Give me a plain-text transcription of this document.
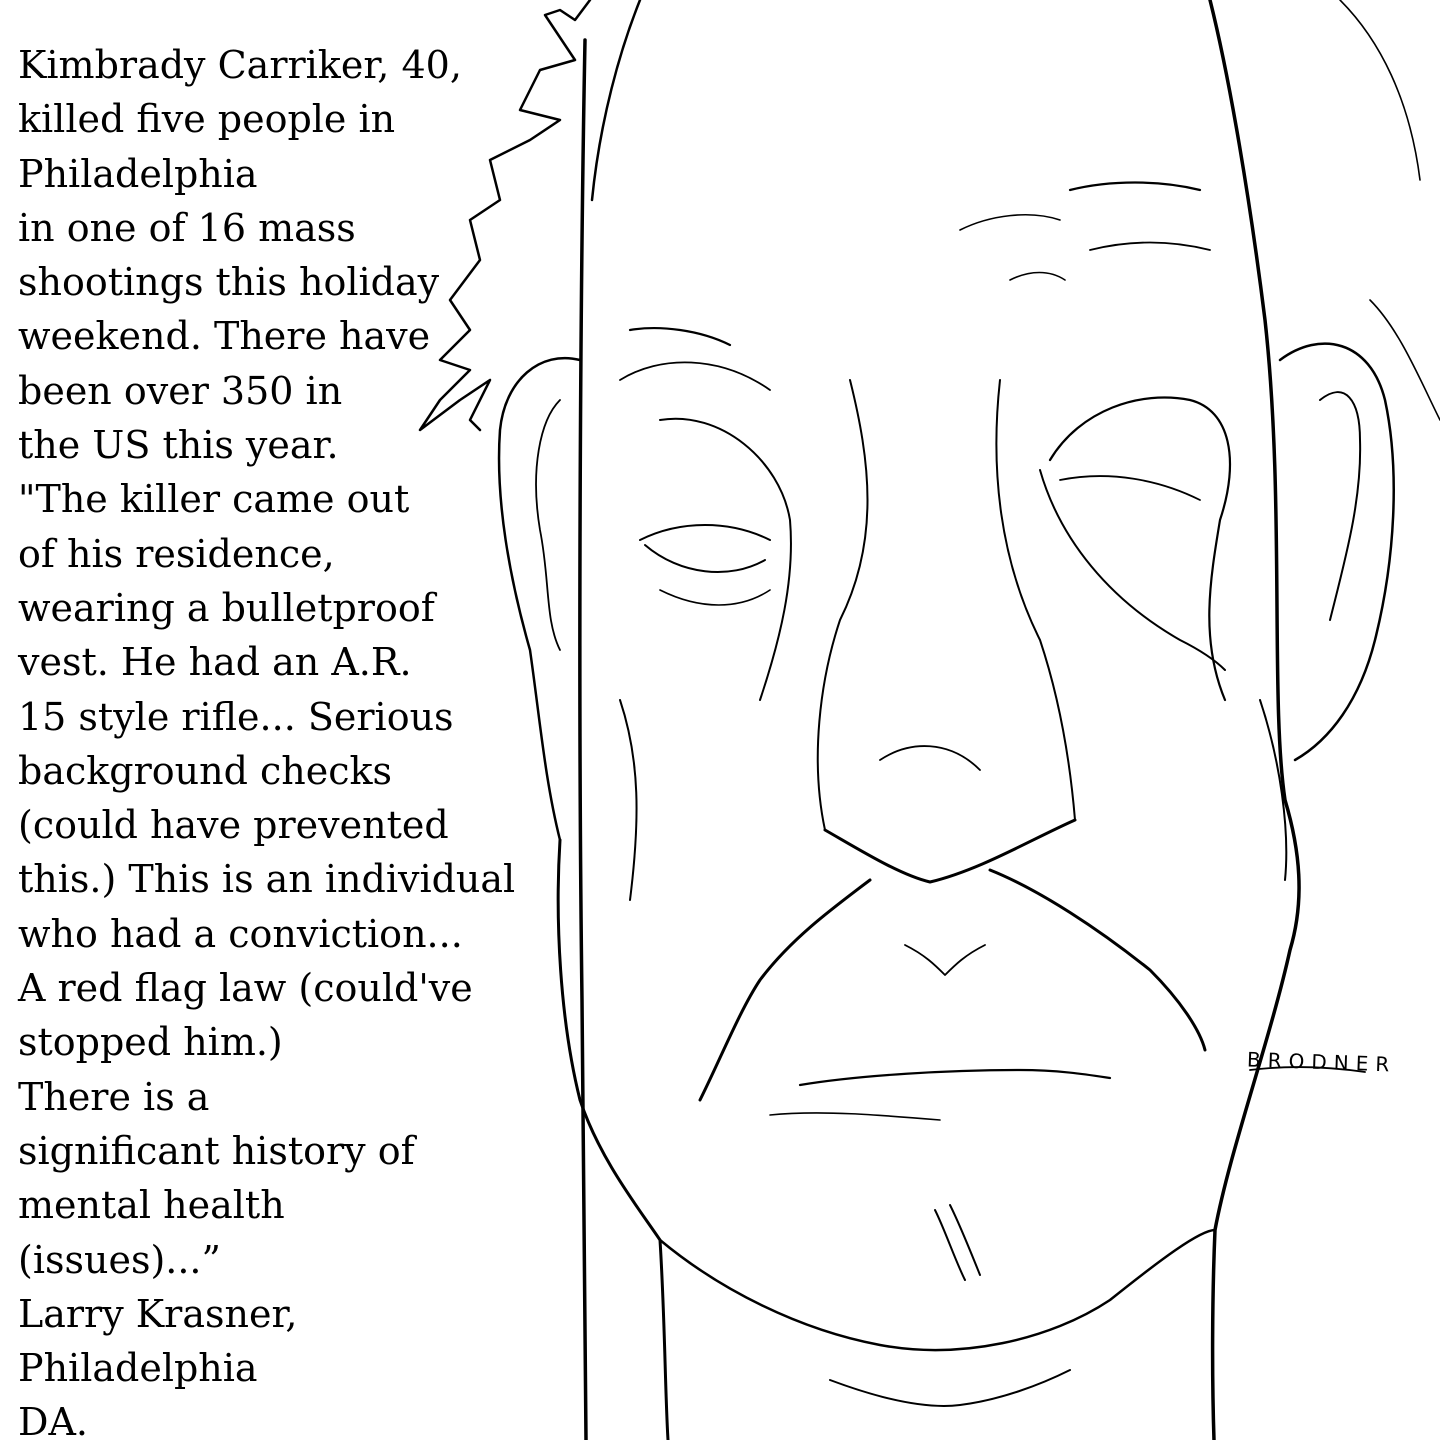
Kimbrady Carriker, 40,
killed five people in
Philadelphia
in one of 16 mass
shootings this holiday
weekend. There have
been over 350 in
the US this year.
"The killer came out
of his residence,
wearing a bulletproof
vest. He had an A.R.
15 style rifle... Serious
background checks
(could have prevented
this.) This is an individual
who had a conviction...
A red flag law (could've
stopped him.)
There is a
significant history of
mental health
(issues)...”
Larry Krasner,
Philadelphia
DA.
BRODNER
